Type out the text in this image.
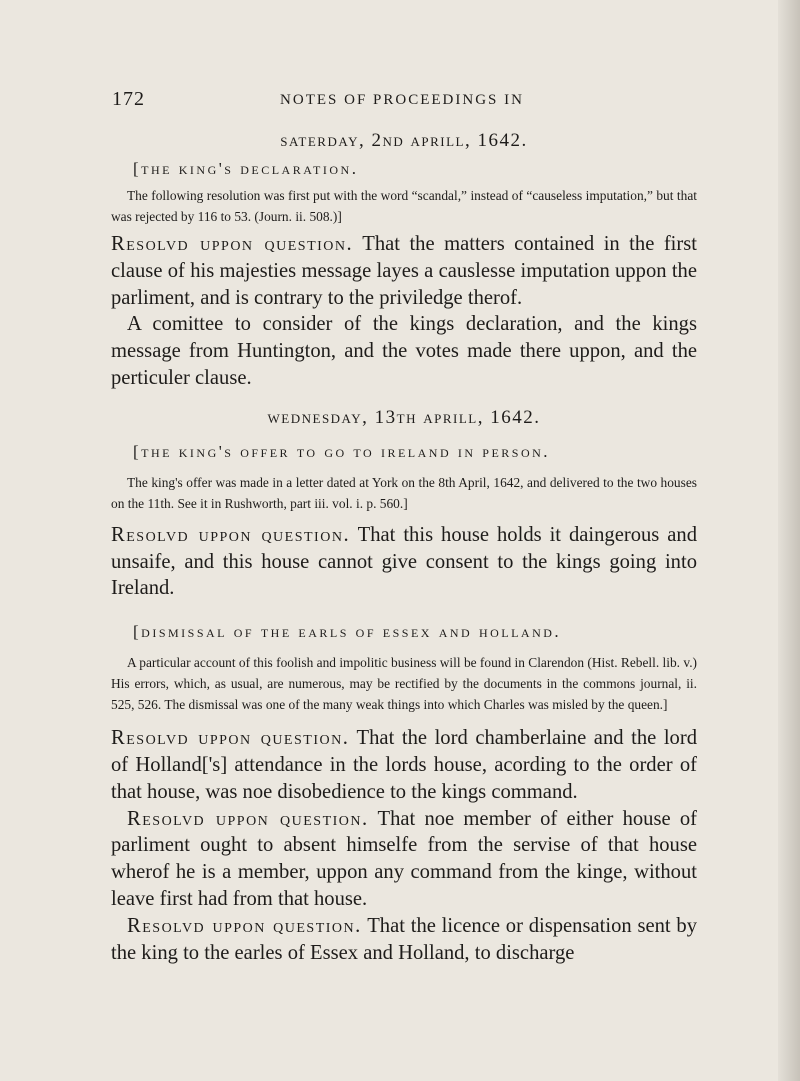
172	NOTES OF PROCEEDINGS IN

saterday, 2nd aprill, 1642.

[the king's declaration.

The following resolution was first put with the word “scandal,” instead of “causeless imputation,” but that was rejected by 116 to 53. (Journ. ii. 508.)]

Resolvd uppon question. That the matters contained in the first clause of his majesties message layes a causlesse imputation uppon the parliment, and is contrary to the priviledge therof.

A comittee to consider of the kings declaration, and the kings message from Huntington, and the votes made there uppon, and the perticuler clause.

wednesday, 13th aprill, 1642.

[the king's offer to go to ireland in person.

The king's offer was made in a letter dated at York on the 8th April, 1642, and delivered to the two houses on the 11th. See it in Rushworth, part iii. vol. i. p. 560.]

Resolvd uppon question. That this house holds it daingerous and unsaife, and this house cannot give consent to the kings going into Ireland.

[dismissal of the earls of essex and holland.

A particular account of this foolish and impolitic business will be found in Clarendon (Hist. Rebell. lib. v.) His errors, which, as usual, are numerous, may be rectified by the documents in the commons journal, ii. 525, 526. The dismissal was one of the many weak things into which Charles was misled by the queen.]

Resolvd uppon question. That the lord chamberlaine and the lord of Holland['s] attendance in the lords house, acording to the order of that house, was noe disobedience to the kings command.

Resolvd uppon question. That noe member of either house of parliment ought to absent himselfe from the servise of that house wherof he is a member, uppon any command from the kinge, without leave first had from that house.

Resolvd uppon question. That the licence or dispensation sent by the king to the earles of Essex and Holland, to discharge
